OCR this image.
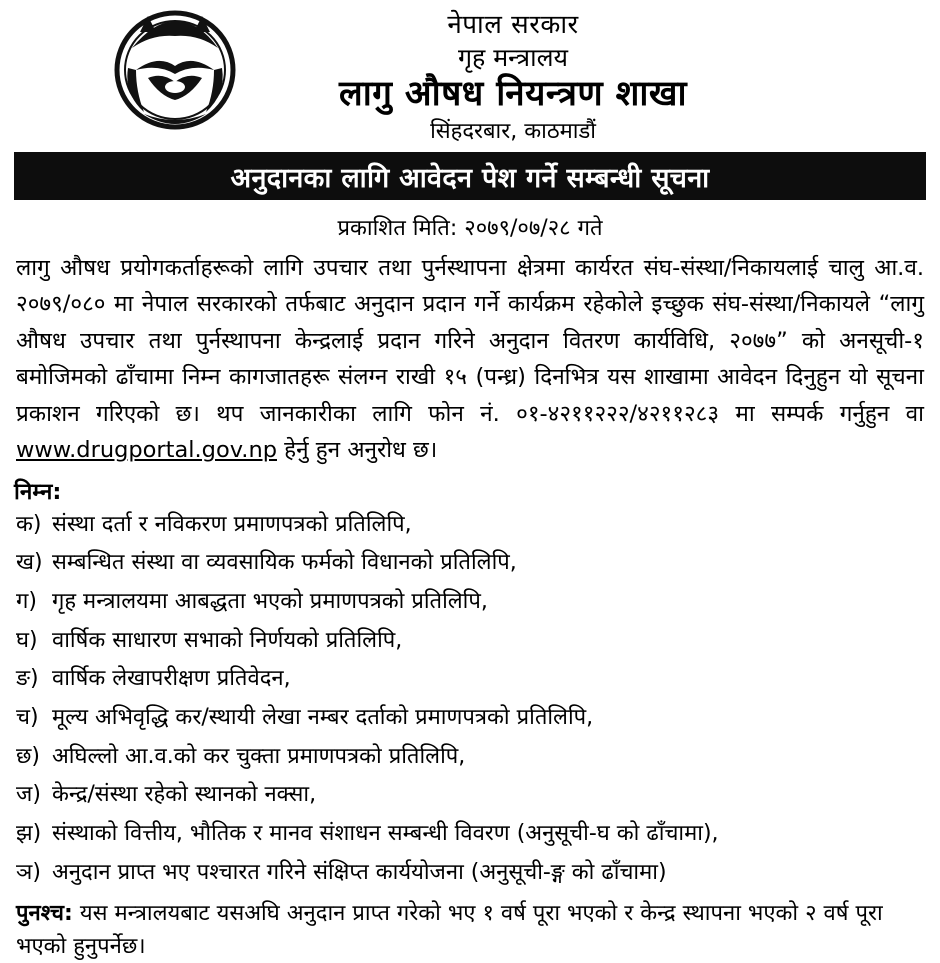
नेपाल सरकार
गृह मन्त्रालय
लागु औषध नियन्त्रण शाखा
सिंहदरबार, काठमाडौं
अनुदानका लागि आवेदन पेश गर्ने सम्बन्धी सूचना
प्रकाशित मिति: २०७९/०७/२८ गते
लागु औषध प्रयोगकर्ताहरूको लागि उपचार तथा पुर्नस्थापना क्षेत्रमा कार्यरत संघ-संस्था/निकायलाई चालु आ.व. २०७९/०८० मा नेपाल सरकारको तर्फबाट अनुदान प्रदान गर्ने कार्यक्रम रहेकोले इच्छुक संघ-संस्था/निकायले “लागु औषध उपचार तथा पुर्नस्थापना केन्द्रलाई प्रदान गरिने अनुदान वितरण कार्यविधि, २०७७” को अनसूची-१ बमोजिमको ढाँचामा निम्न कागजातहरू संलग्न राखी १५ (पन्ध्र) दिनभित्र यस शाखामा आवेदन दिनुहुन यो सूचना प्रकाशन गरिएको छ। थप जानकारीका लागि फोन नं. ०१-४२११२२२/४२११२८३ मा सम्पर्क गर्नुहुन वा www.drugportal.gov.np हेर्नु हुन अनुरोध छ।
निम्न:
क) संस्था दर्ता र नविकरण प्रमाणपत्रको प्रतिलिपि,
ख) सम्बन्धित संस्था वा व्यवसायिक फर्मको विधानको प्रतिलिपि,
ग) गृह मन्त्रालयमा आबद्धता भएको प्रमाणपत्रको प्रतिलिपि,
घ) वार्षिक साधारण सभाको निर्णयको प्रतिलिपि,
ङ) वार्षिक लेखापरीक्षण प्रतिवेदन,
च) मूल्य अभिवृद्धि कर/स्थायी लेखा नम्बर दर्ताको प्रमाणपत्रको प्रतिलिपि,
छ) अघिल्लो आ.व.को कर चुक्ता प्रमाणपत्रको प्रतिलिपि,
ज) केन्द्र/संस्था रहेको स्थानको नक्सा,
झ) संस्थाको वित्तीय, भौतिक र मानव संशाधन सम्बन्धी विवरण (अनुसूची-घ को ढाँचामा),
ञ) अनुदान प्राप्त भए पश्चारत गरिने संक्षिप्त कार्ययोजना (अनुसूची-ङ्ग को ढाँचामा)
पुनश्च: यस मन्त्रालयबाट यसअघि अनुदान प्राप्त गरेको भए १ वर्ष पूरा भएको र केन्द्र स्थापना भएको २ वर्ष पूरा भएको हुनुपर्नेछ।
